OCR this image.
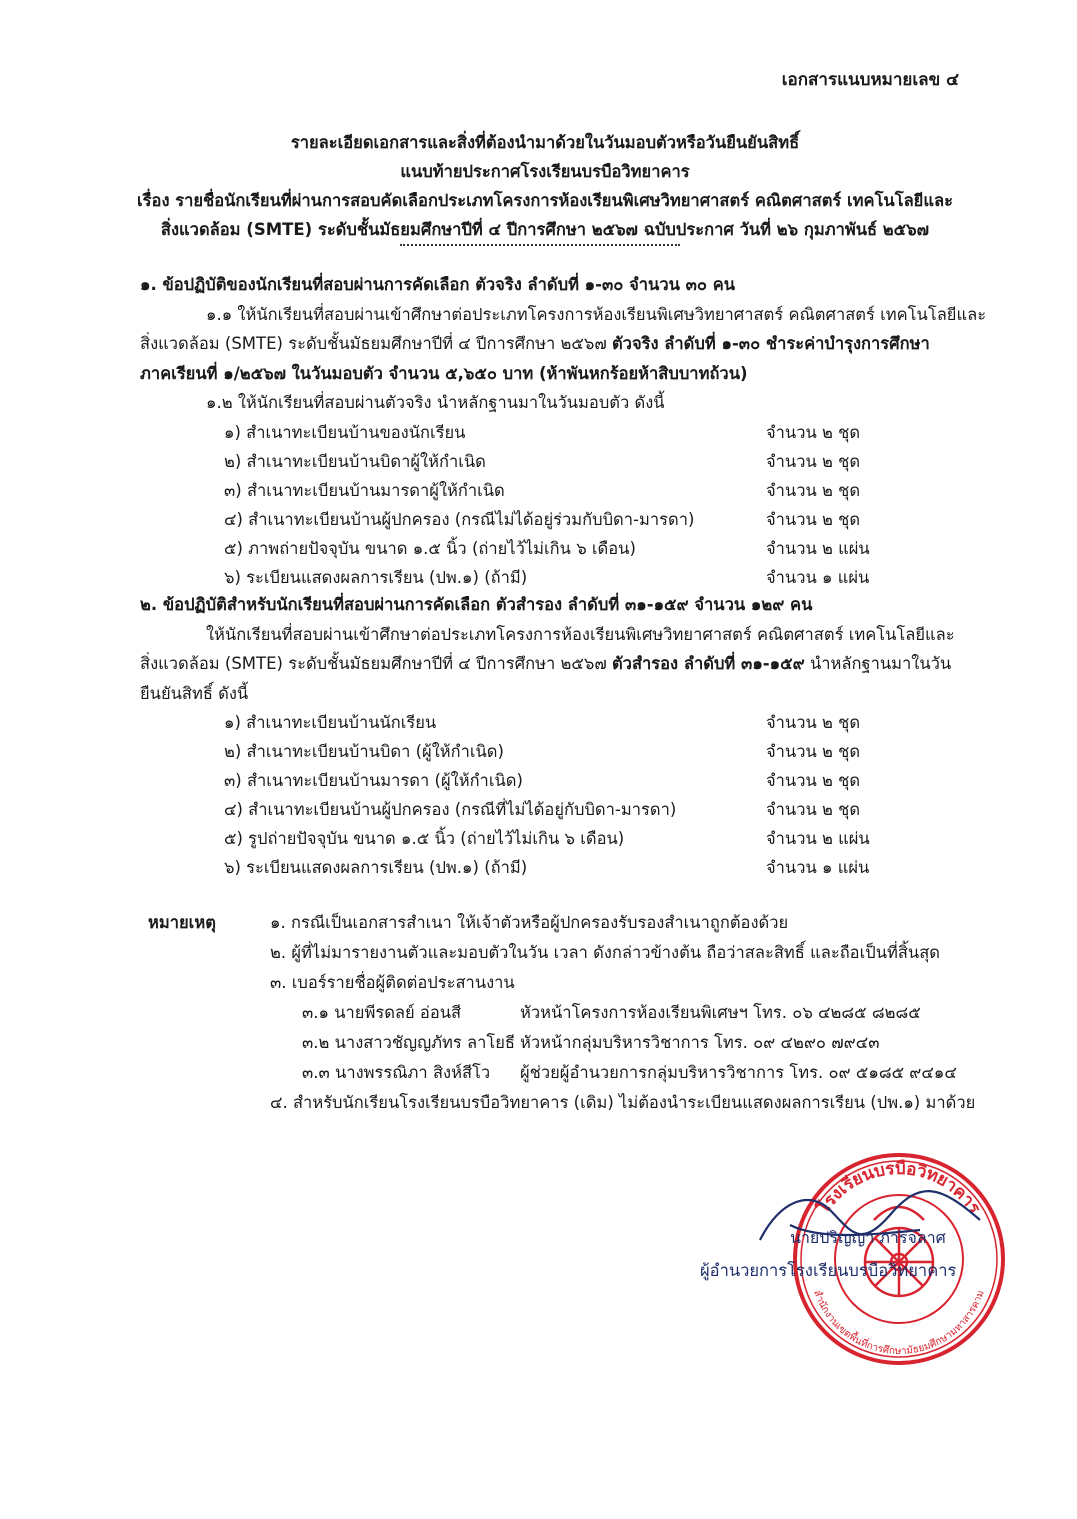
เอกสารแนบหมายเลข ๔
รายละเอียดเอกสารและสิ่งที่ต้องนำมาด้วยในวันมอบตัวหรือวันยืนยันสิทธิ์
แนบท้ายประกาศโรงเรียนบรบือวิทยาคาร
เรื่อง รายชื่อนักเรียนที่ผ่านการสอบคัดเลือกประเภทโครงการห้องเรียนพิเศษวิทยาศาสตร์ คณิตศาสตร์ เทคโนโลยีและ
สิ่งแวดล้อม (SMTE) ระดับชั้นมัธยมศึกษาปีที่ ๔ ปีการศึกษา ๒๕๖๗ ฉบับประกาศ วันที่ ๒๖ กุมภาพันธ์ ๒๕๖๗
๑. ข้อปฏิบัติของนักเรียนที่สอบผ่านการคัดเลือก ตัวจริง ลำดับที่ ๑-๓๐ จำนวน ๓๐ คน
๑.๑ ให้นักเรียนที่สอบผ่านเข้าศึกษาต่อประเภทโครงการห้องเรียนพิเศษวิทยาศาสตร์ คณิตศาสตร์ เทคโนโลยีและ
สิ่งแวดล้อม (SMTE) ระดับชั้นมัธยมศึกษาปีที่ ๔ ปีการศึกษา ๒๕๖๗ ตัวจริง ลำดับที่ ๑-๓๐ ชำระค่าบำรุงการศึกษา
ภาคเรียนที่ ๑/๒๕๖๗ ในวันมอบตัว จำนวน ๕,๖๕๐ บาท (ห้าพันหกร้อยห้าสิบบาทถ้วน)
๑.๒ ให้นักเรียนที่สอบผ่านตัวจริง นำหลักฐานมาในวันมอบตัว ดังนี้
๑) สำเนาทะเบียนบ้านของนักเรียน	จำนวน ๒ ชุด
๒) สำเนาทะเบียนบ้านบิดาผู้ให้กำเนิด	จำนวน ๒ ชุด
๓) สำเนาทะเบียนบ้านมารดาผู้ให้กำเนิด	จำนวน ๒ ชุด
๔) สำเนาทะเบียนบ้านผู้ปกครอง (กรณีไม่ได้อยู่ร่วมกับบิดา-มารดา)	จำนวน ๒ ชุด
๕) ภาพถ่ายปัจจุบัน ขนาด ๑.๕ นิ้ว (ถ่ายไว้ไม่เกิน ๖ เดือน)	จำนวน ๒ แผ่น
๖) ระเบียนแสดงผลการเรียน (ปพ.๑) (ถ้ามี)	จำนวน ๑ แผ่น
๒. ข้อปฏิบัติสำหรับนักเรียนที่สอบผ่านการคัดเลือก ตัวสำรอง ลำดับที่ ๓๑-๑๕๙ จำนวน ๑๒๙ คน
ให้นักเรียนที่สอบผ่านเข้าศึกษาต่อประเภทโครงการห้องเรียนพิเศษวิทยาศาสตร์ คณิตศาสตร์ เทคโนโลยีและ
สิ่งแวดล้อม (SMTE) ระดับชั้นมัธยมศึกษาปีที่ ๔ ปีการศึกษา ๒๕๖๗ ตัวสำรอง ลำดับที่ ๓๑-๑๕๙ นำหลักฐานมาในวัน
ยืนยันสิทธิ์ ดังนี้
๑) สำเนาทะเบียนบ้านนักเรียน	จำนวน ๒ ชุด
๒) สำเนาทะเบียนบ้านบิดา (ผู้ให้กำเนิด)	จำนวน ๒ ชุด
๓) สำเนาทะเบียนบ้านมารดา (ผู้ให้กำเนิด)	จำนวน ๒ ชุด
๔) สำเนาทะเบียนบ้านผู้ปกครอง (กรณีที่ไม่ได้อยู่กับบิดา-มารดา)	จำนวน ๒ ชุด
๕) รูปถ่ายปัจจุบัน ขนาด ๑.๕ นิ้ว (ถ่ายไว้ไม่เกิน ๖ เดือน)	จำนวน ๒ แผ่น
๖) ระเบียนแสดงผลการเรียน (ปพ.๑) (ถ้ามี)	จำนวน ๑ แผ่น
หมายเหตุ	๑. กรณีเป็นเอกสารสำเนา ให้เจ้าตัวหรือผู้ปกครองรับรองสำเนาถูกต้องด้วย
๒. ผู้ที่ไม่มารายงานตัวและมอบตัวในวัน เวลา ดังกล่าวข้างต้น ถือว่าสละสิทธิ์ และถือเป็นที่สิ้นสุด
๓. เบอร์รายชื่อผู้ติดต่อประสานงาน
๓.๑ นายพีรดลย์ อ่อนสี	หัวหน้าโครงการห้องเรียนพิเศษฯ โทร. ๐๖ ๔๒๘๕ ๘๒๘๕
๓.๒ นางสาวชัญญภัทร ลาโยธี หัวหน้ากลุ่มบริหารวิชาการ โทร. ๐๙ ๔๒๙๐ ๗๙๔๓
๓.๓ นางพรรณิภา สิงห์สีโว ผู้ช่วยผู้อำนวยการกลุ่มบริหารวิชาการ โทร. ๐๙ ๕๑๘๕ ๙๔๑๔
๔. สำหรับนักเรียนโรงเรียนบรบือวิทยาคาร (เดิม) ไม่ต้องนำระเบียนแสดงผลการเรียน (ปพ.๑) มาด้วย
โรงเรียนบรบือวิทยาคาร
สำนักงานเขตพื้นที่การศึกษามัธยมศึกษามหาสารคาม
นายปริญญา ภารจลาศ
ผู้อำนวยการโรงเรียนบรบือวิทยาคาร
